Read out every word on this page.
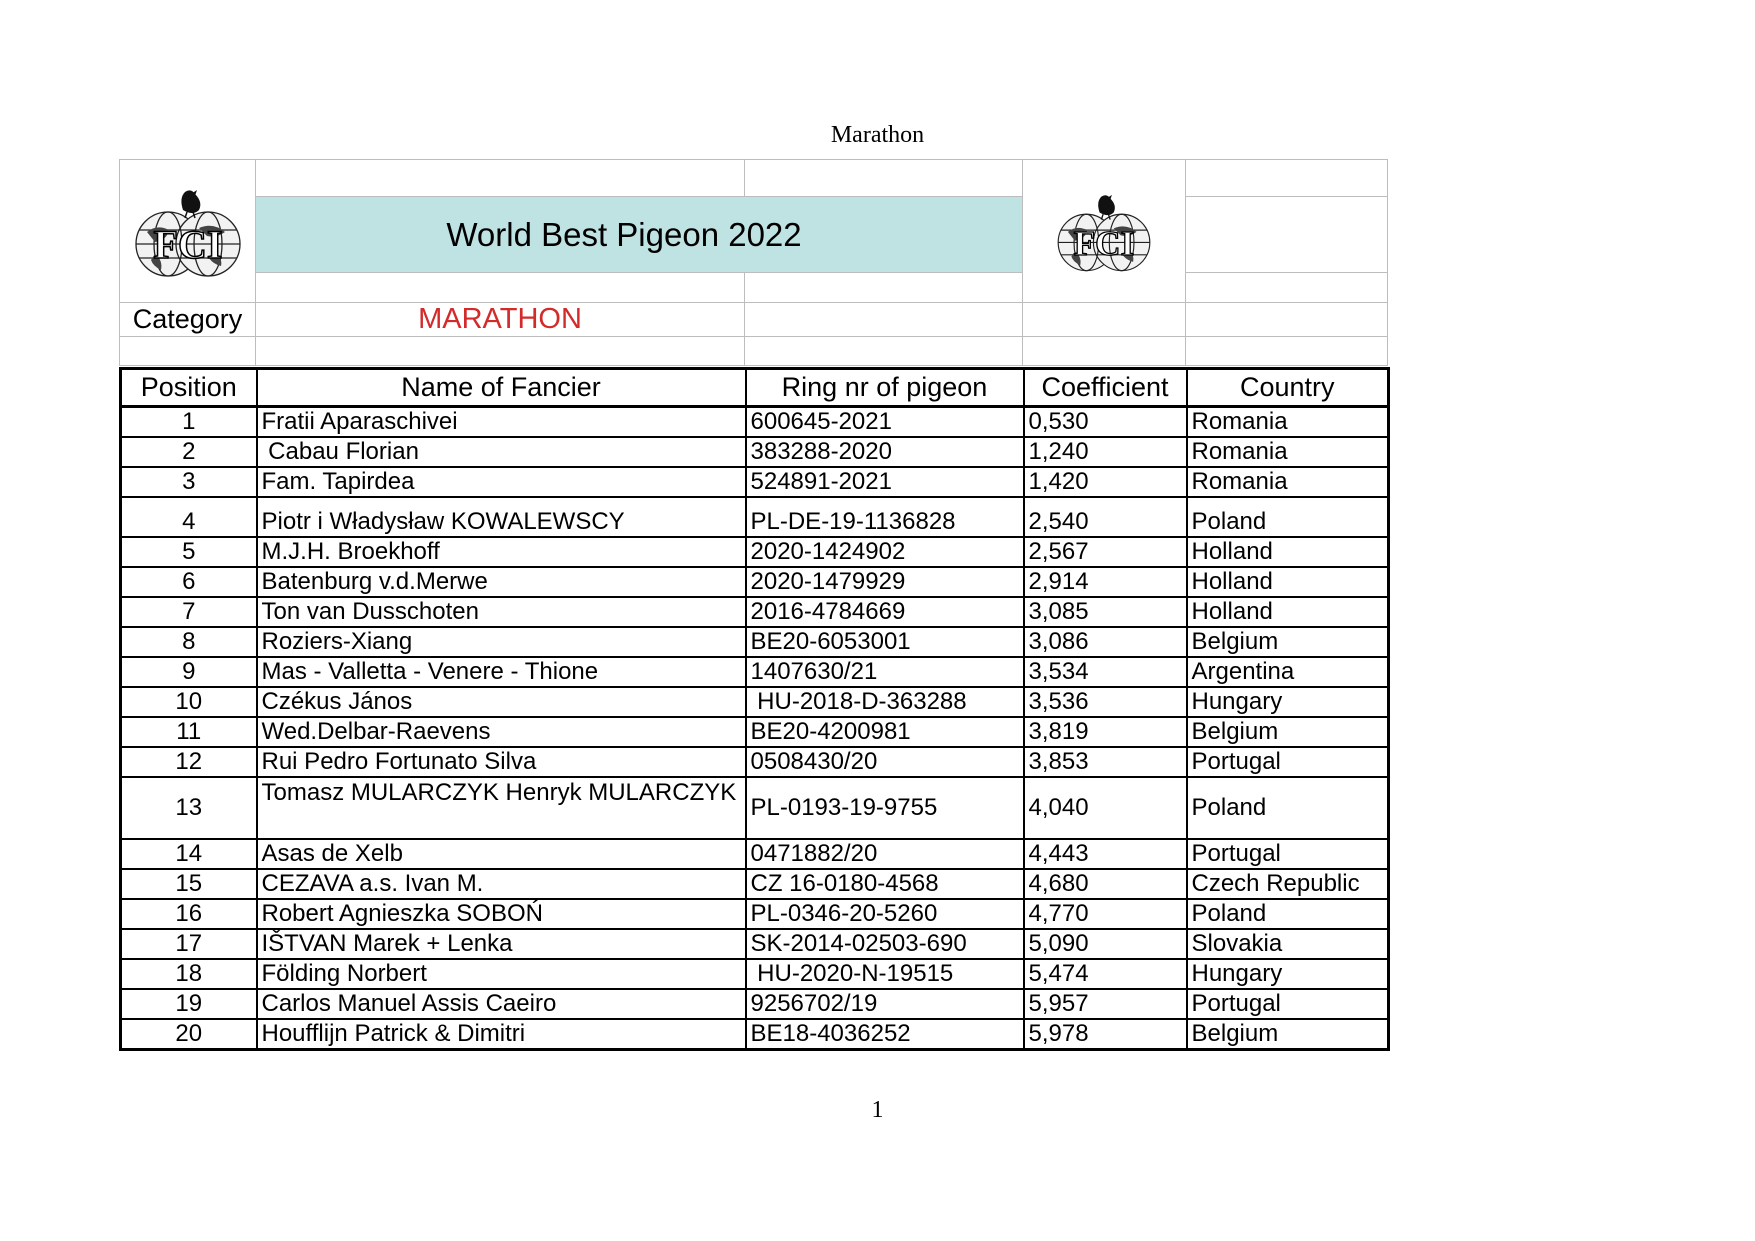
Marathon
FCI			FCI	

	World Best Pigeon 2022			

Category	MARATHON			

Position	Name of Fancier	Ring nr of pigeon	Coefficient	Country
1	Fratii Aparaschivei	600645-2021	0,530	Romania
2	Cabau Florian	383288-2020	1,240	Romania
3	Fam. Tapirdea	524891-2021	1,420	Romania
4	Piotr i Władysław KOWALEWSCY	PL-DE-19-1136828	2,540	Poland
5	M.J.H. Broekhoff	2020-1424902	2,567	Holland
6	Batenburg v.d.Merwe	2020-1479929	2,914	Holland
7	Ton van Dusschoten	2016-4784669	3,085	Holland
8	Roziers-Xiang	BE20-6053001	3,086	Belgium
9	Mas - Valletta - Venere - Thione	1407630/21	3,534	Argentina
10	Czékus János	HU-2018-D-363288	3,536	Hungary
11	Wed.Delbar-Raevens	BE20-4200981	3,819	Belgium
12	Rui Pedro Fortunato Silva	0508430/20	3,853	Portugal
13	Tomasz MULARCZYK Henryk MULARCZYK	PL-0193-19-9755	4,040	Poland
14	Asas de Xelb	0471882/20	4,443	Portugal
15	CEZAVA a.s. Ivan M.	CZ 16-0180-4568	4,680	Czech Republic
16	Robert Agnieszka SOBOŃ	PL-0346-20-5260	4,770	Poland
17	IŠTVAN Marek + Lenka	SK-2014-02503-690	5,090	Slovakia
18	Földing Norbert	HU-2020-N-19515	5,474	Hungary
19	Carlos Manuel Assis Caeiro	9256702/19	5,957	Portugal
20	Houfflijn Patrick & Dimitri	BE18-4036252	5,978	Belgium
1
